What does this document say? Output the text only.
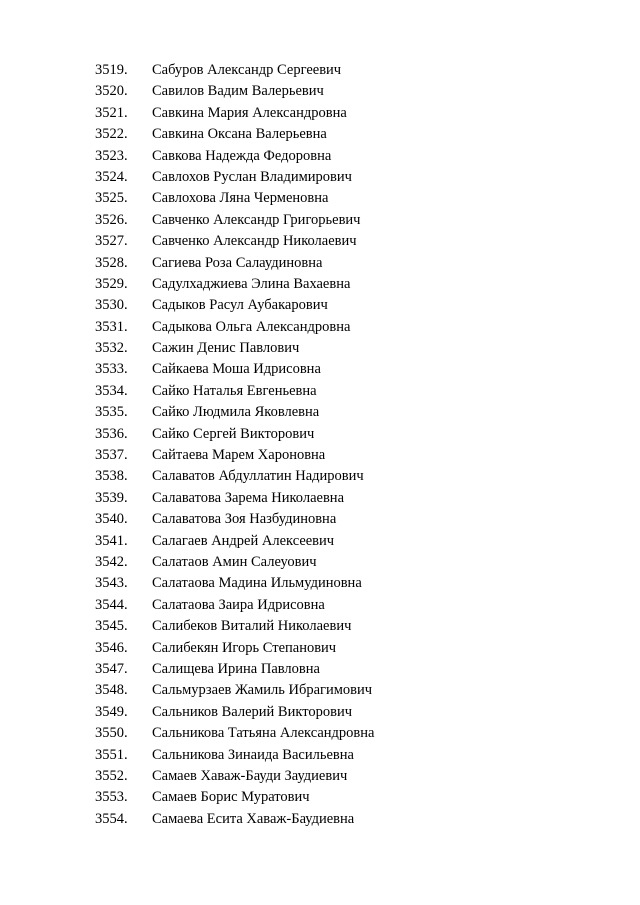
3519.	Сабуров Александр Сергеевич
3520.	Савилов Вадим Валерьевич
3521.	Савкина Мария Александровна
3522.	Савкина Оксана Валерьевна
3523.	Савкова Надежда Федоровна
3524.	Савлохов Руслан Владимирович
3525.	Савлохова Ляна Черменовна
3526.	Савченко Александр Григорьевич
3527.	Савченко Александр Николаевич
3528.	Сагиева Роза Салаудиновна
3529.	Садулхаджиева Элина Вахаевна
3530.	Садыков Расул Аубакарович
3531.	Садыкова Ольга Александровна
3532.	Сажин Денис Павлович
3533.	Сайкаева Моша Идрисовна
3534.	Сайко Наталья Евгеньевна
3535.	Сайко Людмила Яковлевна
3536.	Сайко Сергей Викторович
3537.	Сайтаева Марем Хароновна
3538.	Салаватов Абдуллатин Надирович
3539.	Салаватова Зарема Николаевна
3540.	Салаватова Зоя Назбудиновна
3541.	Салагаев Андрей Алексеевич
3542.	Салатаов Амин Салеуович
3543.	Салатаова Мадина Ильмудиновна
3544.	Салатаова Заира Идрисовна
3545.	Салибеков Виталий Николаевич
3546.	Салибекян Игорь Степанович
3547.	Салищева Ирина Павловна
3548.	Сальмурзаев Жамиль Ибрагимович
3549.	Сальников Валерий Викторович
3550.	Сальникова Татьяна Александровна
3551.	Сальникова Зинаида Васильевна
3552.	Самаев Хаваж-Бауди Заудиевич
3553.	Самаев Борис Муратович
3554.	Самаева Есита Хаваж-Баудиевна
